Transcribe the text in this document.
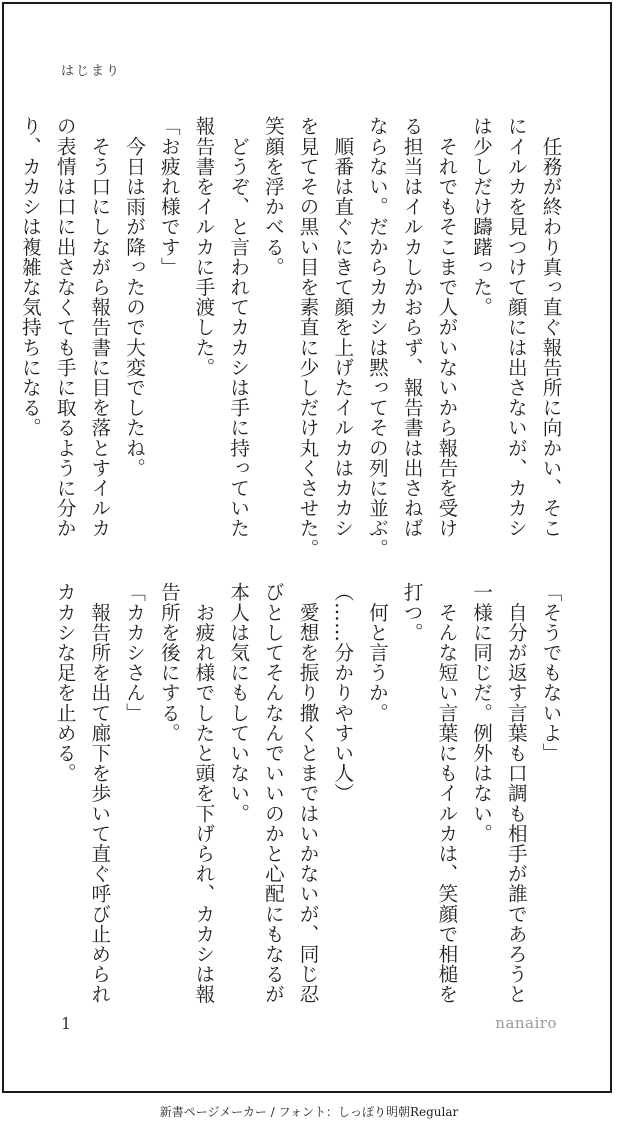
はじまり
　任務が終わり真っ直ぐ報告所に向かい、そこ
にイルカを見つけて顔には出さないが、カカシ
は少しだけ躊躇った。
　それでもそこまで人がいないから報告を受け
る担当はイルカしかおらず、報告書は出さねば
ならない。だからカカシは黙ってその列に並ぶ。
　順番は直ぐにきて顔を上げたイルカはカカシ
を見てその黒い目を素直に少しだけ丸くさせた。
笑顔を浮かべる。
　どうぞ、と言われてカカシは手に持っていた
報告書をイルカに手渡した。
「お疲れ様です」
　今日は雨が降ったので大変でしたね。
　そう口にしながら報告書に目を落とすイルカ
の表情は口に出さなくても手に取るように分か
り、カカシは複雑な気持ちになる。
「そうでもないよ」
　自分が返す言葉も口調も相手が誰であろうと
一様に同じだ。例外はない。
　そんな短い言葉にもイルカは、笑顔で相槌を
打つ。
　何と言うか。
（……分かりやすい人）
　愛想を振り撒くとまではいかないが、同じ忍
びとしてそんなんでいいのかと心配にもなるが
本人は気にもしていない。
　お疲れ様でしたと頭を下げられ、カカシは報
告所を後にする。
「カカシさん」
　報告所を出て廊下を歩いて直ぐ呼び止められ
カカシな足を止める。
1	nanairo
新書ページメーカー / フォント：しっぽり明朝Regular
